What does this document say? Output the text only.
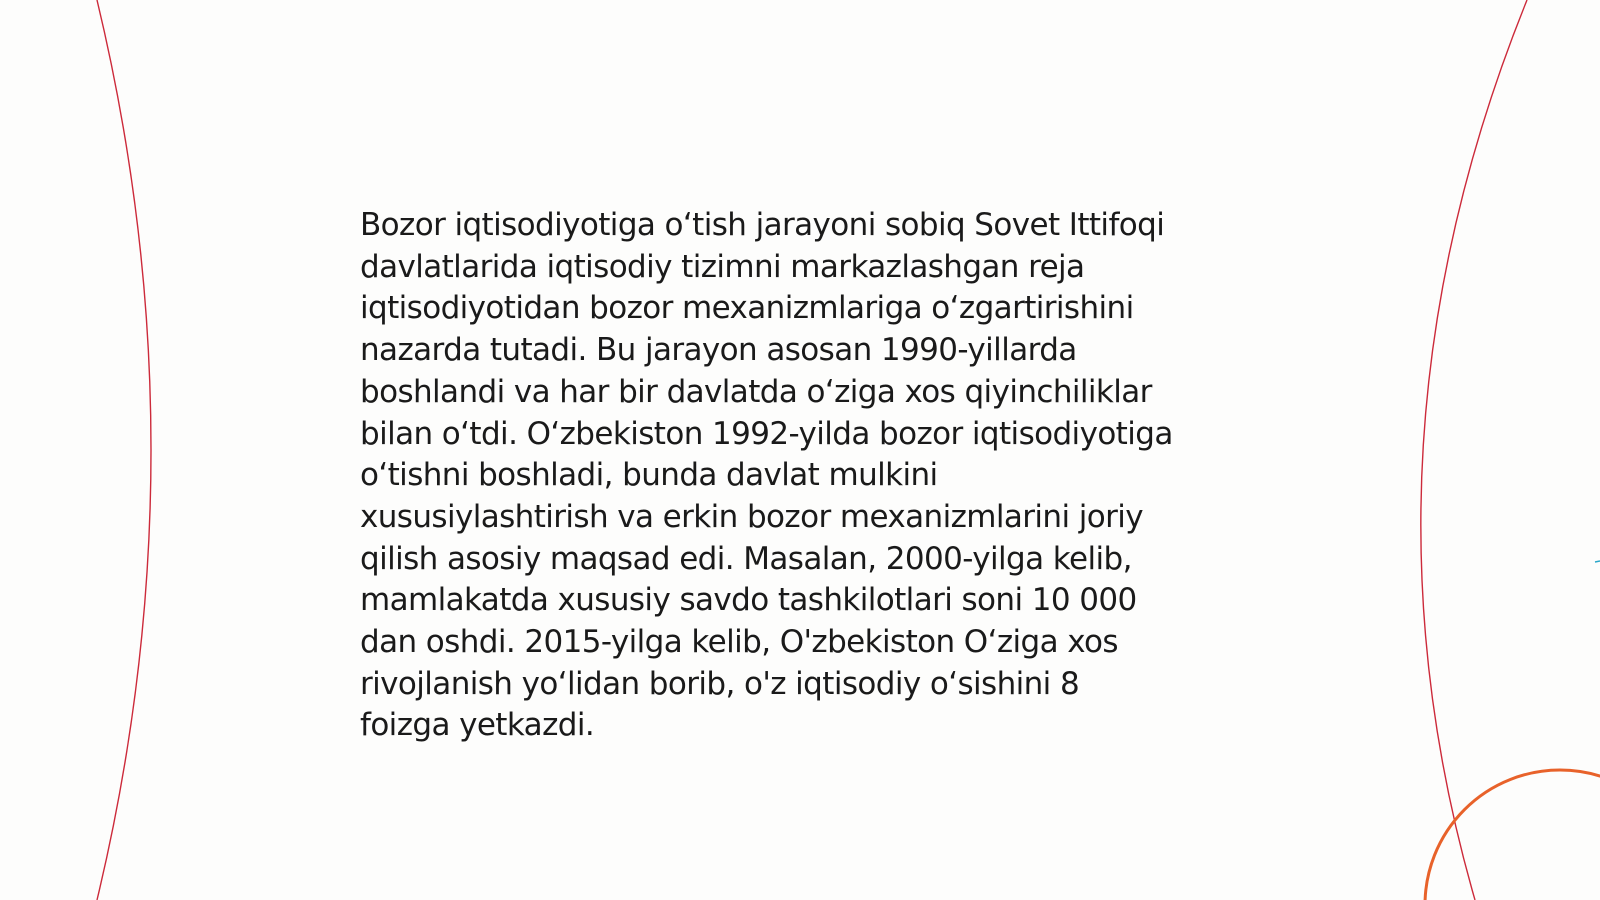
Bozor iqtisodiyotiga o‘tish jarayoni sobiq Sovet Ittifoqi
davlatlarida iqtisodiy tizimni markazlashgan reja
iqtisodiyotidan bozor mexanizmlariga o‘zgartirishini
nazarda tutadi. Bu jarayon asosan 1990-yillarda
boshlandi va har bir davlatda o‘ziga xos qiyinchiliklar
bilan o‘tdi. O‘zbekiston 1992-yilda bozor iqtisodiyotiga
o‘tishni boshladi, bunda davlat mulkini
xususiylashtirish va erkin bozor mexanizmlarini joriy
qilish asosiy maqsad edi. Masalan, 2000-yilga kelib,
mamlakatda xususiy savdo tashkilotlari soni 10 000
dan oshdi. 2015-yilga kelib, O'zbekiston O‘ziga xos
rivojlanish yo‘lidan borib, o'z iqtisodiy o‘sishini 8
foizga yetkazdi.
